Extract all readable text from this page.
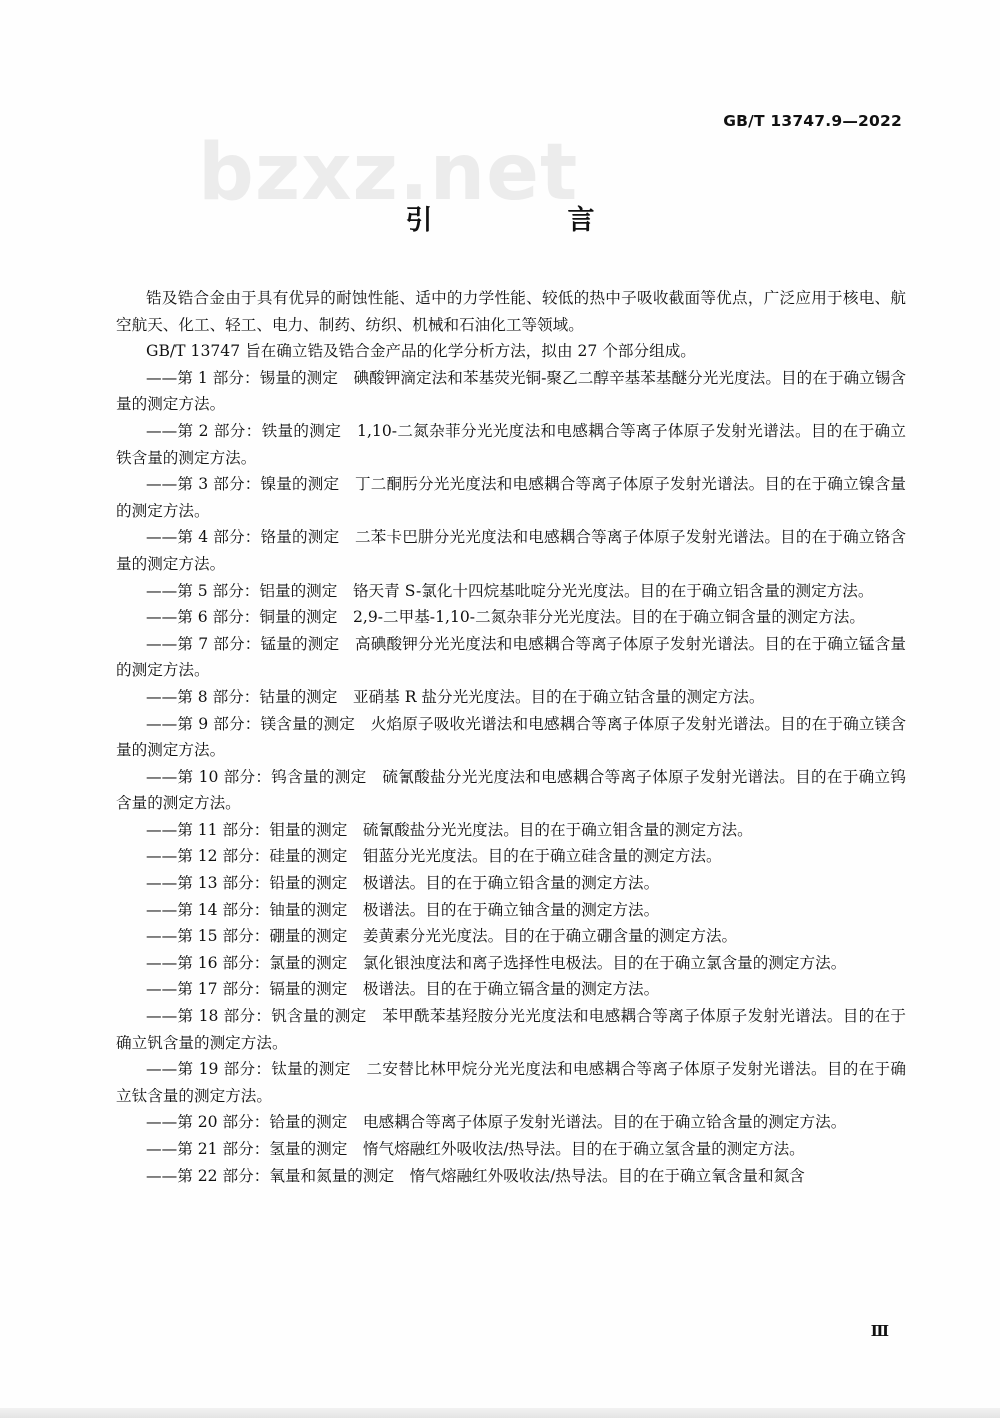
GB/T 13747.9—2022
bzxz.net
引　言

锆及锆合金由于具有优异的耐蚀性能、适中的力学性能、较低的热中子吸收截面等优点，广泛应用于核电、航空航天、化工、轻工、电力、制药、纺织、机械和石油化工等领域。

GB/T 13747 旨在确立锆及锆合金产品的化学分析方法，拟由 27 个部分组成。

——第 1 部分：锡量的测定　碘酸钾滴定法和苯基荧光铜-聚乙二醇辛基苯基醚分光光度法。目的在于确立锡含量的测定方法。

——第 2 部分：铁量的测定　1,10-二氮杂菲分光光度法和电感耦合等离子体原子发射光谱法。目的在于确立铁含量的测定方法。

——第 3 部分：镍量的测定　丁二酮肟分光光度法和电感耦合等离子体原子发射光谱法。目的在于确立镍含量的测定方法。

——第 4 部分：铬量的测定　二苯卡巴肼分光光度法和电感耦合等离子体原子发射光谱法。目的在于确立铬含量的测定方法。

——第 5 部分：铝量的测定　铬天青 S-氯化十四烷基吡啶分光光度法。目的在于确立铝含量的测定方法。

——第 6 部分：铜量的测定　2,9-二甲基-1,10-二氮杂菲分光光度法。目的在于确立铜含量的测定方法。

——第 7 部分：锰量的测定　高碘酸钾分光光度法和电感耦合等离子体原子发射光谱法。目的在于确立锰含量的测定方法。

——第 8 部分：钴量的测定　亚硝基 R 盐分光光度法。目的在于确立钴含量的测定方法。

——第 9 部分：镁含量的测定　火焰原子吸收光谱法和电感耦合等离子体原子发射光谱法。目的在于确立镁含量的测定方法。

——第 10 部分：钨含量的测定　硫氰酸盐分光光度法和电感耦合等离子体原子发射光谱法。目的在于确立钨含量的测定方法。

——第 11 部分：钼量的测定　硫氰酸盐分光光度法。目的在于确立钼含量的测定方法。

——第 12 部分：硅量的测定　钼蓝分光光度法。目的在于确立硅含量的测定方法。

——第 13 部分：铅量的测定　极谱法。目的在于确立铅含量的测定方法。

——第 14 部分：铀量的测定　极谱法。目的在于确立铀含量的测定方法。

——第 15 部分：硼量的测定　姜黄素分光光度法。目的在于确立硼含量的测定方法。

——第 16 部分：氯量的测定　氯化银浊度法和离子选择性电极法。目的在于确立氯含量的测定方法。

——第 17 部分：镉量的测定　极谱法。目的在于确立镉含量的测定方法。

——第 18 部分：钒含量的测定　苯甲酰苯基羟胺分光光度法和电感耦合等离子体原子发射光谱法。目的在于确立钒含量的测定方法。

——第 19 部分：钛量的测定　二安替比林甲烷分光光度法和电感耦合等离子体原子发射光谱法。目的在于确立钛含量的测定方法。

——第 20 部分：铪量的测定　电感耦合等离子体原子发射光谱法。目的在于确立铪含量的测定方法。

——第 21 部分：氢量的测定　惰气熔融红外吸收法/热导法。目的在于确立氢含量的测定方法。

——第 22 部分：氧量和氮量的测定　惰气熔融红外吸收法/热导法。目的在于确立氧含量和氮含

Ⅲ
